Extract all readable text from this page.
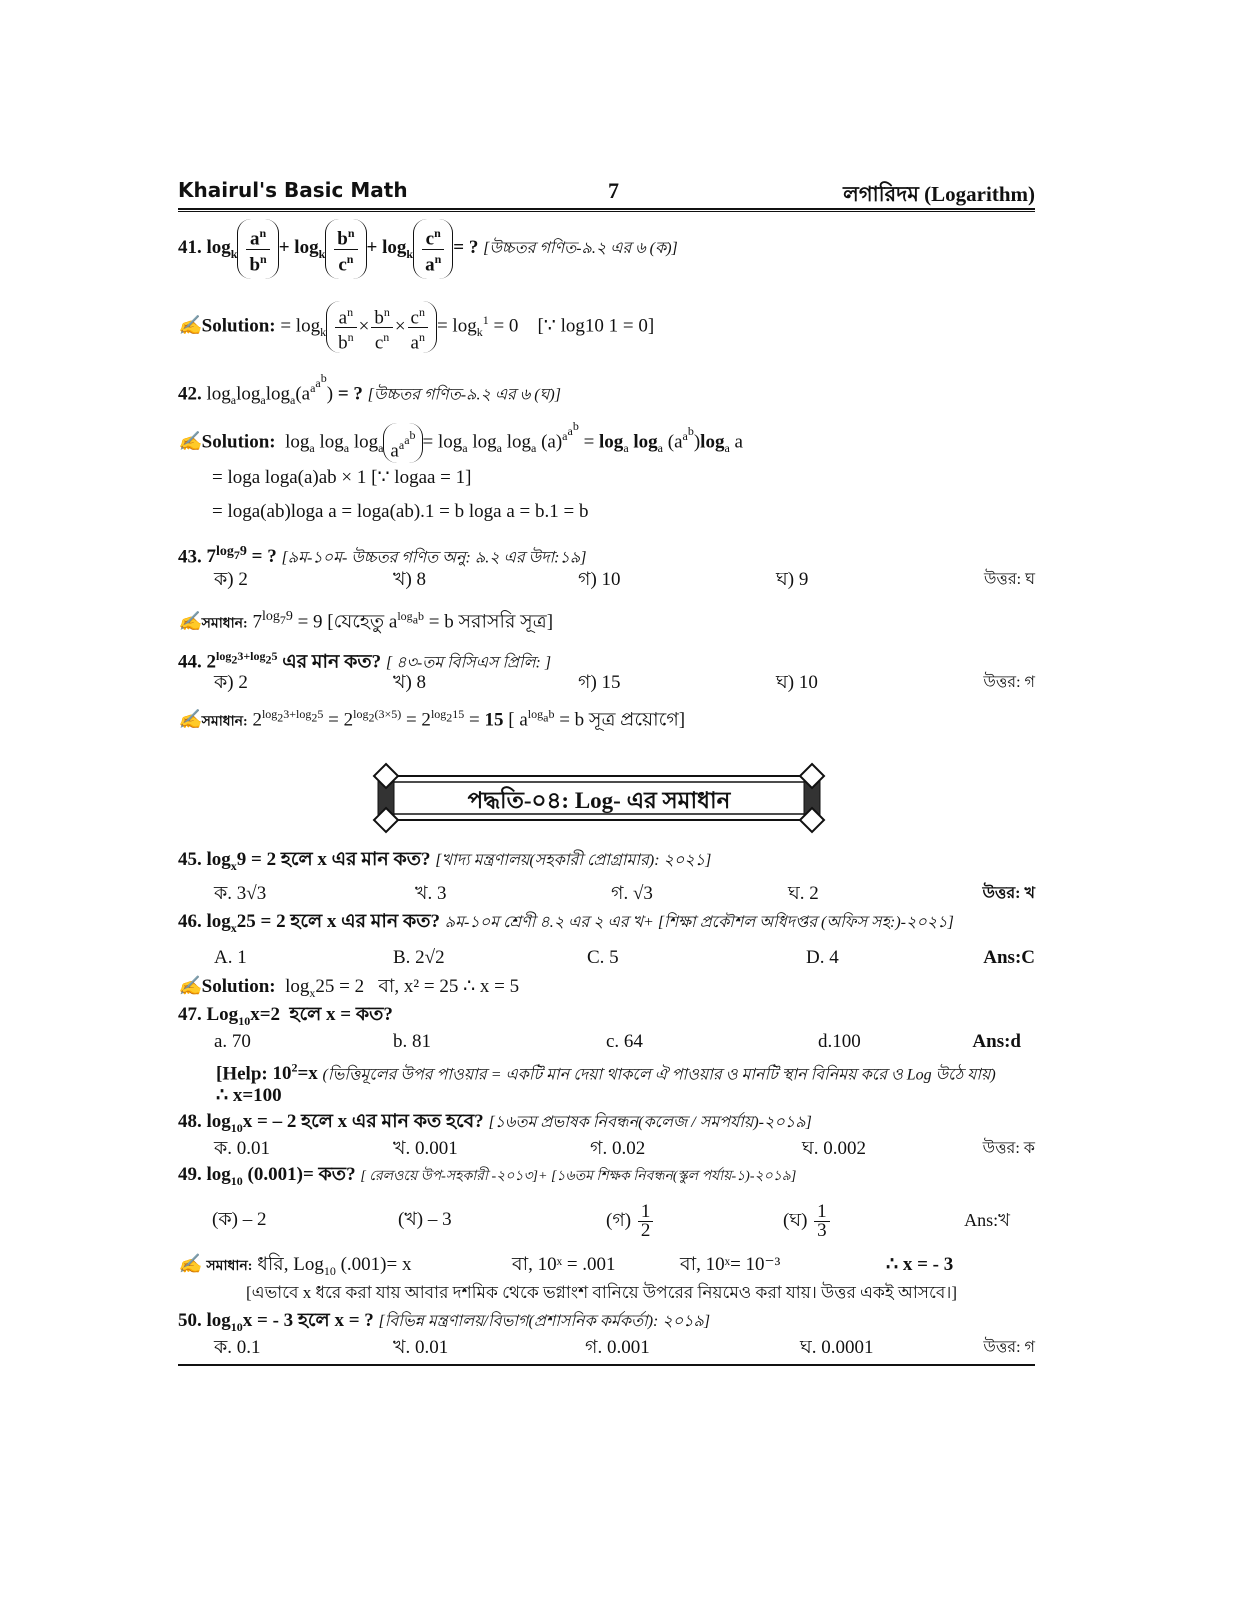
Khairul's Basic Math	7	লগারিদম (Logarithm)
41. $\log_k \frac{a^n}{b^n} + \log_k \frac{b^n}{c^n} + \log_k \frac{c^n}{a^n}$ = ? [উচ্চতর গণিত-৯.২ এর ৬ (ক)]
✍Solution: = $\log_k \frac{a^n}{b^n} \times \frac{b^n}{c^n} \times \frac{c^n}{a^n} = \log_k^1 = 0$    [∵ log10 1 = 0]
42. $\log_a\log_a\log_a(a^{a^{a^b}})$ = ? [উচ্চতর গণিত-৯.২ এর ৬ (ঘ)]
✍Solution:  $\log_a \log_a \log_a a^{a^{a^b}} = \log_a \log_a \log_a (a)^{a^{a^b}} = \log_a \log_a (a^{a^b})\log_a$ a
= loga loga(a)ab × 1 [∵ logaa = 1]
= loga(ab)loga a = loga(ab).1 = b loga a = b.1 = b
43. $7^{log_79}$ = ? [৯ম-১০ম- উচ্চতর গণিত অনু: ৯.২ এর উদা:১৯]
ক) 2	খ) 8	গ) 10	ঘ) 9	উত্তর: ঘ
✍সমাধান: $7^{log_79} = 9$ [যেহেতু $a^{log_ab} = b$ সরাসরি সূত্র]
44. $2^{log_23+log_25}$ এর মান কত? [ ৪৩-তম বিসিএস প্রিলি: ]
ক) 2	খ) 8	গ) 15	ঘ) 10	উত্তর: গ
✍সমাধান: $2^{log_23+log_25} = 2^{log_2(3\times 5)} = 2^{log_215} = 15$ [ $a^{log_ab} = b$ সূত্র প্রয়োগে]
পদ্ধতি-০৪: Log- এর সমাধান
45. $\log_x9 = 2$ হলে x এর মান কত? [খাদ্য মন্ত্রণালয়(সহকারী প্রোগ্রামার): ২০২১]
ক. 3√3	খ. 3	গ. √3	ঘ. 2	উত্তর: খ
46. $\log_x25 = 2$ হলে x এর মান কত? ৯ম-১০ম শ্রেণী ৪.২ এর ২ এর খ+ [শিক্ষা প্রকৌশল অধিদপ্তর (অফিস সহ:)-২০২১]
A. 1	B. 2√2	C. 5	D. 4	Ans:C
✍Solution:  $\log_x25 = 2$   বা, x² = 25 ∴ x = 5
47. Log$_{10}$x=2  হলে x = কত?
a. 70	b. 81	c. 64	d.100	Ans:d
[Help: $10^2=x$ (ভিত্তিমূলের উপর পাওয়ার = একটি মান দেয়া থাকলে ঐ পাওয়ার ও মানটি স্থান বিনিময় করে ও Log উঠে যায়)
∴ x=100
48. $\log_{10}x$ = – 2 হলে x এর মান কত হবে? [১৬তম প্রভাষক নিবন্ধন(কলেজ / সমপর্যায়)-২০১৯]
ক. 0.01	খ. 0.001	গ. 0.02	ঘ. 0.002	উত্তর: ক
49. $\log_{10} (0.001)=$ কত? [ রেলওয়ে উপ-সহকারী -২০১৩]+ [১৬তম শিক্ষক নিবন্ধন(স্কুল পর্যায়-১)-২০১৯]
(ক) – 2	(খ) – 3	(গ) $\frac{1}{2}$	(ঘ) $\frac{1}{3}$	Ans:খ
✍ সমাধান: ধরি, Log$_{10}$ (.001)= x	বা, 10ˣ = .001	বা, 10ˣ= 10⁻³	∴ x = - 3
[এভাবে x ধরে করা যায় আবার দশমিক থেকে ভগ্নাংশ বানিয়ে উপরের নিয়মেও করা যায়। উত্তর একই আসবে।]
50. $\log_{10}x$ = - 3 হলে x = ? [বিভিন্ন মন্ত্রণালয়/বিভাগ(প্রশাসনিক কর্মকর্তা): ২০১৯]
ক. 0.1	খ. 0.01	গ. 0.001	ঘ. 0.0001	উত্তর: গ
